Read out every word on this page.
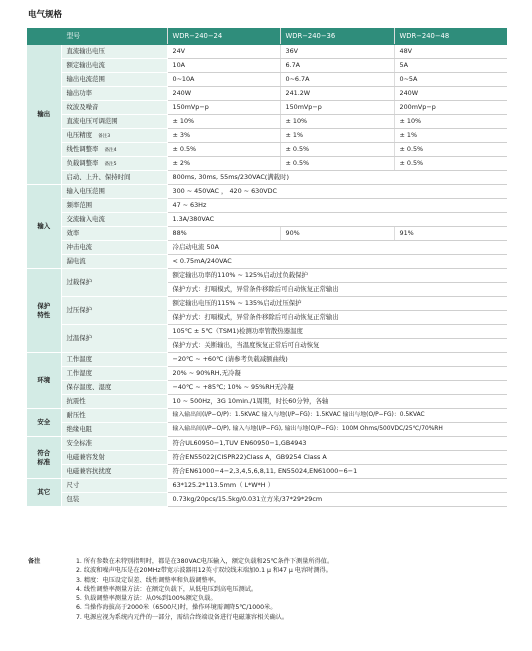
电气规格
	型号	WDR−240−24	WDR−240−36	WDR−240−48
输出	直流输出电压	24V	36V	48V
	额定输出电流	10A	6.7A	5A
	输出电流范围	0∼10A	0∼6.7A	0∼5A
	输出功率	240W	241.2W	240W
	纹波及噪音	150mVp−p	150mVp−p	200mVp−p
	直流电压可调范围	± 10%	± 10%	± 10%
	电压精度 备注3	± 3%	± 1%	± 1%
	线性调整率 备注4	± 0.5%	± 0.5%	± 0.5%
	负载调整率 备注5	± 2%	± 0.5%	± 0.5%
	启动、上升、保持时间	800ms, 30ms, 55ms/230VAC(满载时)		
输入	输入电压范围	300 ∼ 450VAC ， 420 ∼ 630VDC		
	频率范围	47 ∼ 63Hz		
	交流输入电流	1.3A/380VAC		
	效率	88%	90%	91%
	冲击电流	冷启动电流 50A		
	漏电流	< 0.75mA/240VAC		
保护
特性	过载保护	额定输出功率的110% ∼ 125%启动过负载保护		
		保护方式：打嗝模式，异常条件移除后可自动恢复正常输出		
	过压保护	额定输出电压的115% ∼ 135%启动过压保护		
		保护方式：打嗝模式，异常条件移除后可自动恢复正常输出		
	过温保护	105℃ ± 5℃（TSM1)检测功率管散热器温度		
		保护方式：关断输出，当温度恢复正常后可自动恢复		
环境	工作温度	−20℃ ∼ +60℃ (请参考负载减额曲线)		
	工作湿度	20% ∼ 90%RH,无冷凝		
	保存温度、湿度	−40℃ ∼ +85℃; 10% ∼ 95%RH无冷凝		
	抗震性	10 ∼ 500Hz，3G 10min./1周期，时长60分钟，各轴		
安全	耐压性	输入输出间(I/P−O/P)：1.5KVAC 输入与地(I/P−FG)：1.5KVAC 输出与地(O/P−FG)：0.5KVAC		
	绝缘电阻	输入输出间(I/P−O/P), 输入与地(I/P−FG), 输出与地(O/P−FG)：100M Ohms/500VDC/25℃/70%RH		
符合
标准	安全标准	符合UL60950−1,TUV EN60950−1,GB4943		
	电磁兼容发射	符合EN55022(CISPR22)Class A，GB9254 Class A		
	电磁兼容抗扰度	符合EN61000−4−2,3,4,5,6,8,11, EN55024,EN61000−6−1		
其它	尺寸	63*125.2*113.5mm（ L*W*H ）		
	包装	0.73kg/20pcs/15.5kg/0.031立方米/37*29*29cm		
备注	1. 所有参数在未特别指明时，都是在380VAC电压输入，额定负载和25℃条件下测量所得值。
2. 纹波和噪声电压是在20MHz带宽示波器用12英寸双绞线末端加0.1 μ 和47 μ 电容时测得。
3. 精度：电压设定误差、线性调整率和负载调整率。
4. 线性调整率测量方法：在额定负载下，从低电压到高电压测试。
5. 负载调整率测量方法：从0%到100%额定负载。
6. 当操作海拔高于2000米（6500尺)时，操作环境需调降5℃/1000米。
7. 电源应视为系统内元件的一部分，需结合终端设备进行电磁兼容相关确认。
